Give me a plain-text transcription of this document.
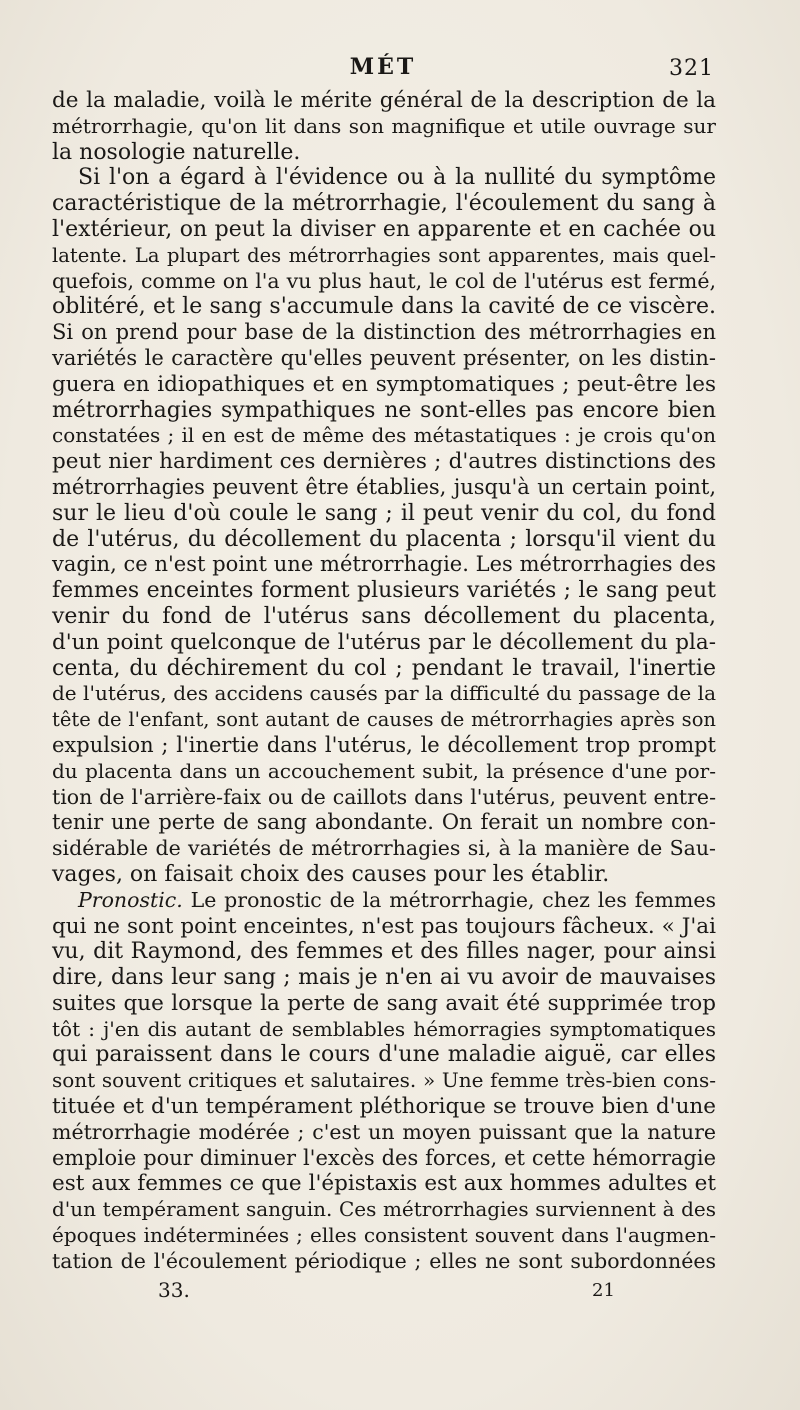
MÉT	321
de la maladie, voilà le mérite général de la description de la
métrorrhagie, qu'on lit dans son magnifique et utile ouvrage sur
la nosologie naturelle.
Si l'on a égard à l'évidence ou à la nullité du symptôme
caractéristique de la métrorrhagie, l'écoulement du sang à
l'extérieur, on peut la diviser en apparente et en cachée ou
latente. La plupart des métrorrhagies sont apparentes, mais quel-
quefois, comme on l'a vu plus haut, le col de l'utérus est fermé,
oblitéré, et le sang s'accumule dans la cavité de ce viscère.
Si on prend pour base de la distinction des métrorrhagies en
variétés le caractère qu'elles peuvent présenter, on les distin-
guera en idiopathiques et en symptomatiques ; peut-être les
métrorrhagies sympathiques ne sont-elles pas encore bien
constatées ; il en est de même des métastatiques : je crois qu'on
peut nier hardiment ces dernières ; d'autres distinctions des
métrorrhagies peuvent être établies, jusqu'à un certain point,
sur le lieu d'où coule le sang ; il peut venir du col, du fond
de l'utérus, du décollement du placenta ; lorsqu'il vient du
vagin, ce n'est point une métrorrhagie. Les métrorrhagies des
femmes enceintes forment plusieurs variétés ; le sang peut
venir du fond de l'utérus sans décollement du placenta,
d'un point quelconque de l'utérus par le décollement du pla-
centa, du déchirement du col ; pendant le travail, l'inertie
de l'utérus, des accidens causés par la difficulté du passage de la
tête de l'enfant, sont autant de causes de métrorrhagies après son
expulsion ; l'inertie dans l'utérus, le décollement trop prompt
du placenta dans un accouchement subit, la présence d'une por-
tion de l'arrière-faix ou de caillots dans l'utérus, peuvent entre-
tenir une perte de sang abondante. On ferait un nombre con-
sidérable de variétés de métrorrhagies si, à la manière de Sau-
vages, on faisait choix des causes pour les établir.
Pronostic. Le pronostic de la métrorrhagie, chez les femmes
qui ne sont point enceintes, n'est pas toujours fâcheux. « J'ai
vu, dit Raymond, des femmes et des filles nager, pour ainsi
dire, dans leur sang ; mais je n'en ai vu avoir de mauvaises
suites que lorsque la perte de sang avait été supprimée trop
tôt : j'en dis autant de semblables hémorragies symptomatiques
qui paraissent dans le cours d'une maladie aiguë, car elles
sont souvent critiques et salutaires. » Une femme très-bien cons-
tituée et d'un tempérament pléthorique se trouve bien d'une
métrorrhagie modérée ; c'est un moyen puissant que la nature
emploie pour diminuer l'excès des forces, et cette hémorragie
est aux femmes ce que l'épistaxis est aux hommes adultes et
d'un tempérament sanguin. Ces métrorrhagies surviennent à des
époques indéterminées ; elles consistent souvent dans l'augmen-
tation de l'écoulement périodique ; elles ne sont subordonnées
33.	21
